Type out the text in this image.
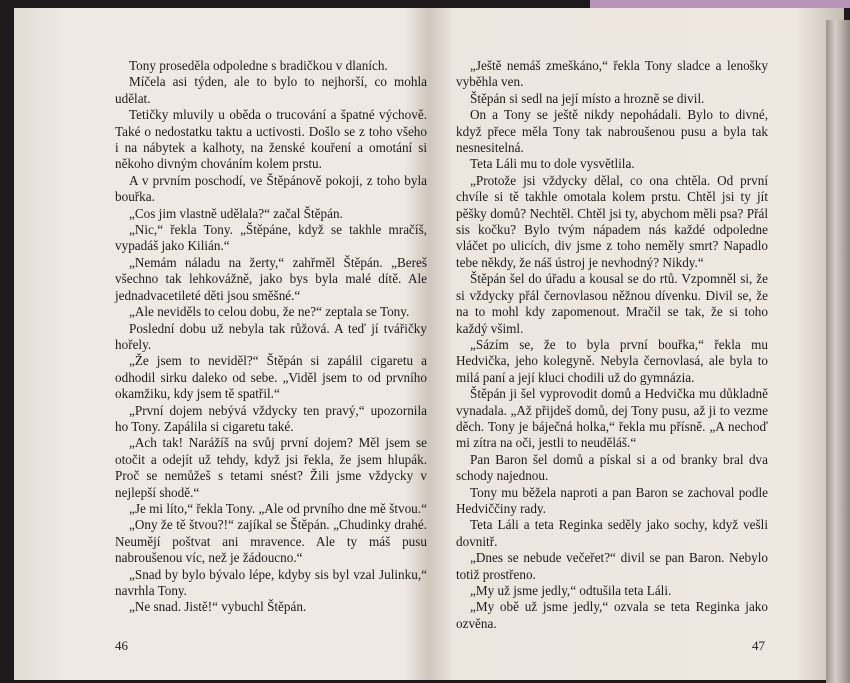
Tony proseděla odpoledne s bradičkou v dlaních.

Míčela asi týden, ale to bylo to nejhorší, co mohla udělat.

Tetičky mluvily u oběda o trucování a špatné výchově. Také o nedostatku taktu a uctivosti. Došlo se z toho všeho i na nábytek a kalhoty, na ženské kouření a omotání si někoho divným chováním kolem prstu.

A v prvním poschodí, ve Štěpánově pokoji, z toho byla bouřka.

„Cos jim vlastně udělala?“ začal Štěpán.

„Nic,“ řekla Tony. „Štěpáne, když se takhle mračíš, vypadáš jako Kilián.“

„Nemám náladu na žerty,“ zahřměl Štěpán. „Bereš všechno tak lehkovážně, jako bys byla malé dítě. Ale jednadvacetileté děti jsou směšné.“

„Ale neviděls to celou dobu, že ne?“ zeptala se Tony.

Poslední dobu už nebyla tak růžová. A teď jí tvářičky hořely.

„Že jsem to neviděl?“ Štěpán si zapálil cigaretu a odhodil sirku daleko od sebe. „Viděl jsem to od prvního okamžiku, kdy jsem tě spatřil.“

„První dojem nebývá vždycky ten pravý,“ upozornila ho Tony. Zapálila si cigaretu také.

„Ach tak! Narážíš na svůj první dojem? Měl jsem se otočit a odejít už tehdy, když jsi řekla, že jsem hlupák. Proč se nemůžeš s tetami snést? Žili jsme vždycky v nejlepší shodě.“

„Je mi líto,“ řekla Tony. „Ale od prvního dne mě štvou.“

„Ony že tě štvou?!“ zajíkal se Štěpán. „Chudinky drahé. Neumějí poštvat ani mravence. Ale ty máš pusu nabroušenou víc, než je žádoucno.“

„Snad by bylo bývalo lépe, kdyby sis byl vzal Julinku,“ navrhla Tony.

„Ne snad. Jistě!“ vybuchl Štěpán.

„Ještě nemáš zmeškáno,“ řekla Tony sladce a lenošky vyběhla ven.

Štěpán si sedl na její místo a hrozně se divil.

On a Tony se ještě nikdy nepohádali. Bylo to divné, když přece měla Tony tak nabroušenou pusu a byla tak nesnesitelná.

Teta Láli mu to dole vysvětlila.

„Protože jsi vždycky dělal, co ona chtěla. Od první chvíle si tě takhle omotala kolem prstu. Chtěl jsi ty jít pěšky domů? Nechtěl. Chtěl jsi ty, abychom měli psa? Přál sis kočku? Bylo tvým nápadem nás každé odpoledne vláčet po ulicích, div jsme z toho neměly smrt? Napadlo tebe někdy, že náš ústroj je nevhodný? Nikdy.“

Štěpán šel do úřadu a kousal se do rtů. Vzpomněl si, že si vždycky přál černovlasou něžnou dívenku. Divil se, že na to mohl kdy zapomenout. Mračil se tak, že si toho každý všiml.

„Sázím se, že to byla první bouřka,“ řekla mu Hedvička, jeho kolegyně. Nebyla černovlasá, ale byla to milá paní a její kluci chodili už do gymnázia.

Štěpán ji šel vyprovodit domů a Hedvička mu důkladně vynadala. „Až přijdeš domů, dej Tony pusu, až ji to vezme děch. Tony je báječná holka,“ řekla mu přísně. „A nechoď mi zítra na oči, jestli to neuděláš.“

Pan Baron šel domů a pískal si a od branky bral dva schody najednou.

Tony mu běžela naproti a pan Baron se zachoval podle Hedviččiny rady.

Teta Láli a teta Reginka seděly jako sochy, když vešli dovnitř.

„Dnes se nebude večeřet?“ divil se pan Baron. Nebylo totiž prostřeno.

„My už jsme jedly,“ odtušila teta Láli.

„My obě už jsme jedly,“ ozvala se teta Reginka jako ozvěna.

46	47
